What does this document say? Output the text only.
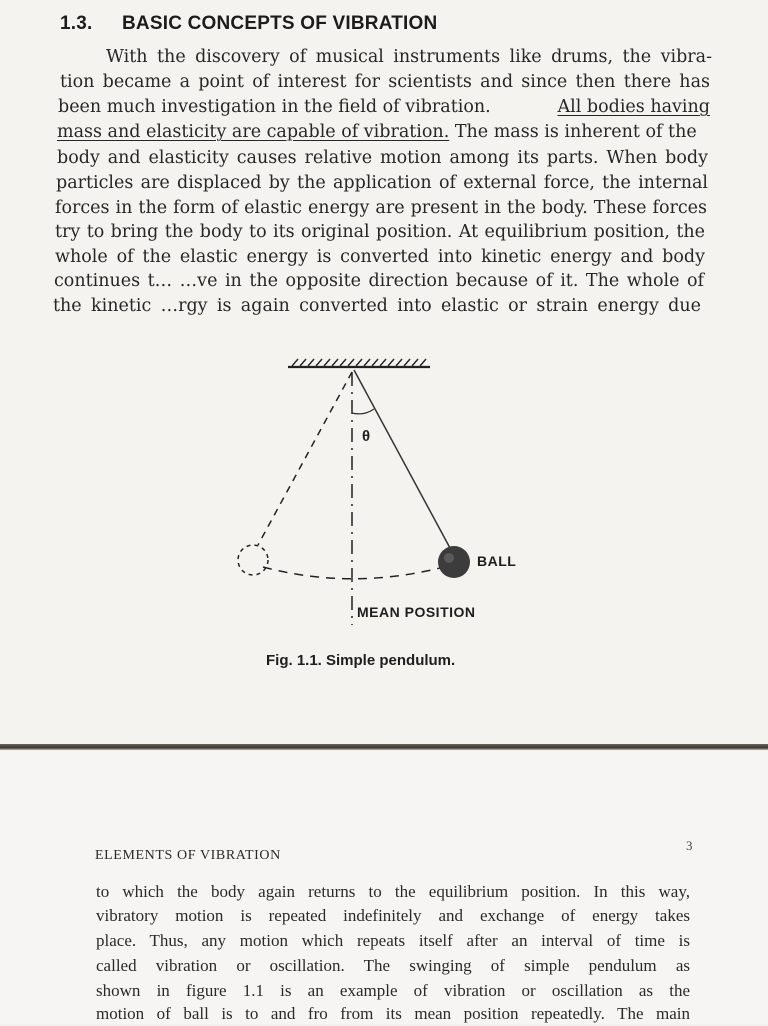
1.3. BASIC CONCEPTS OF VIBRATION
With the discovery of musical instruments like drums, the vibra-
tion became a point of interest for scientists and since then there has
been much investigation in the field of vibration.	All bodies having
mass and elasticity are capable of vibration. The mass is inherent of the
body and elasticity causes relative motion among its parts. When body
particles are displaced by the application of external force, the internal
forces in the form of elastic energy are present in the body. These forces
try to bring the body to its original position. At equilibrium position, the
whole of the elastic energy is converted into kinetic energy and body
continues t… …ve in the opposite direction because of it. The whole of
the kinetic …rgy is again converted into elastic or strain energy due
θ
BALL
MEAN POSITION
Fig. 1.1. Simple pendulum.
ELEMENTS OF VIBRATION
3
to which the body again returns to the equilibrium position. In this way,
vibratory motion is repeated indefinitely and exchange of energy takes
place. Thus, any motion which repeats itself after an interval of time is
called vibration or oscillation. The swinging of simple pendulum as
shown in figure 1.1 is an example of vibration or oscillation as the
motion of ball is to and fro from its mean position repeatedly. The main
